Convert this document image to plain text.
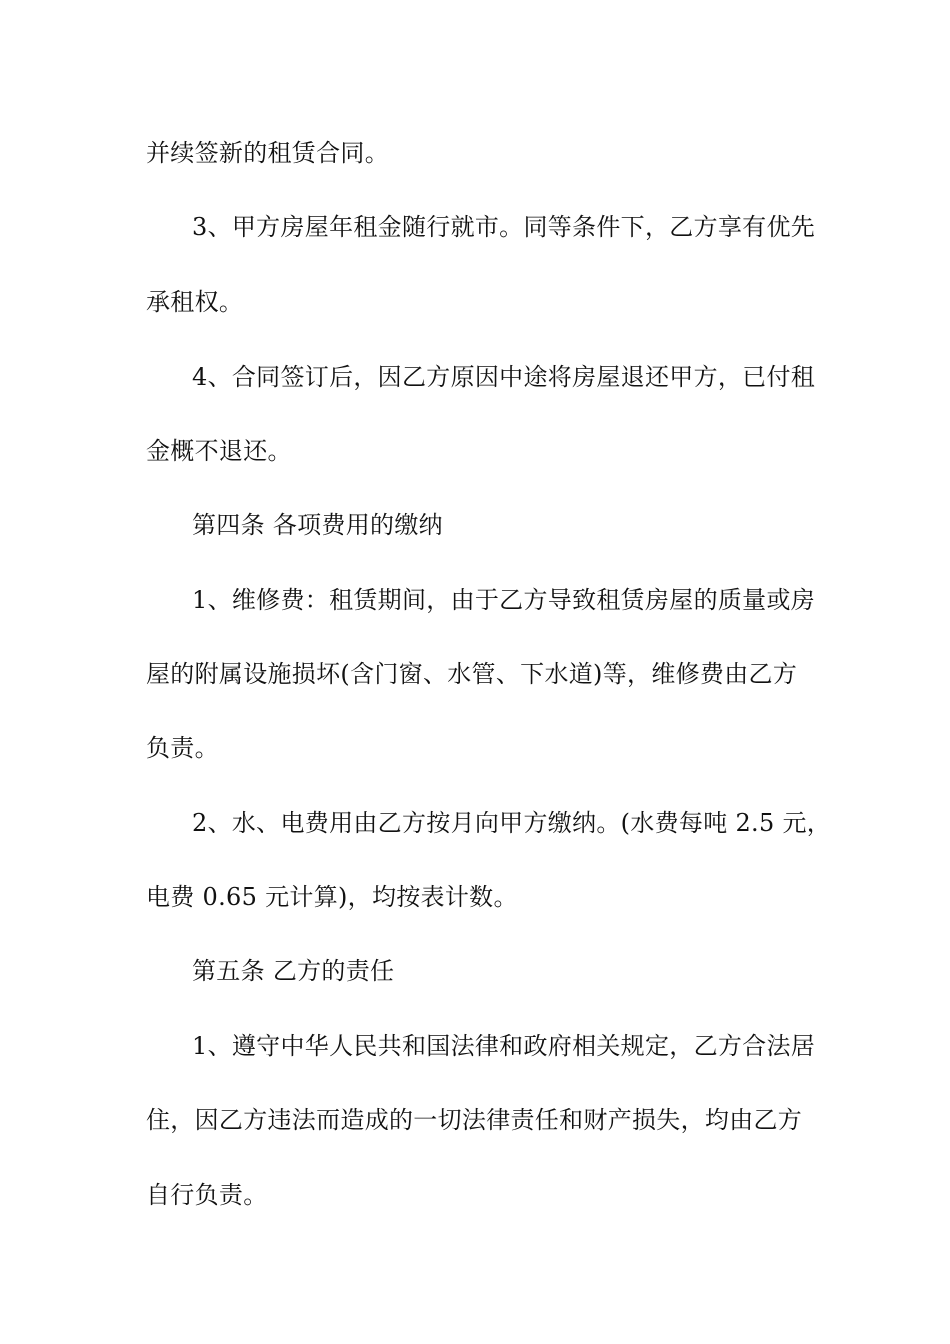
并续签新的租赁合同。
3、甲方房屋年租金随行就市。同等条件下，乙方享有优先
承租权。
4、合同签订后，因乙方原因中途将房屋退还甲方，已付租
金概不退还。
第四条 各项费用的缴纳
1、维修费：租赁期间，由于乙方导致租赁房屋的质量或房
屋的附属设施损坏(含门窗、水管、下水道)等，维修费由乙方
负责。
2、水、电费用由乙方按月向甲方缴纳。(水费每吨 2.5 元，
电费 0.65 元计算)，均按表计数。
第五条 乙方的责任
1、遵守中华人民共和国法律和政府相关规定，乙方合法居
住，因乙方违法而造成的一切法律责任和财产损失，均由乙方
自行负责。
